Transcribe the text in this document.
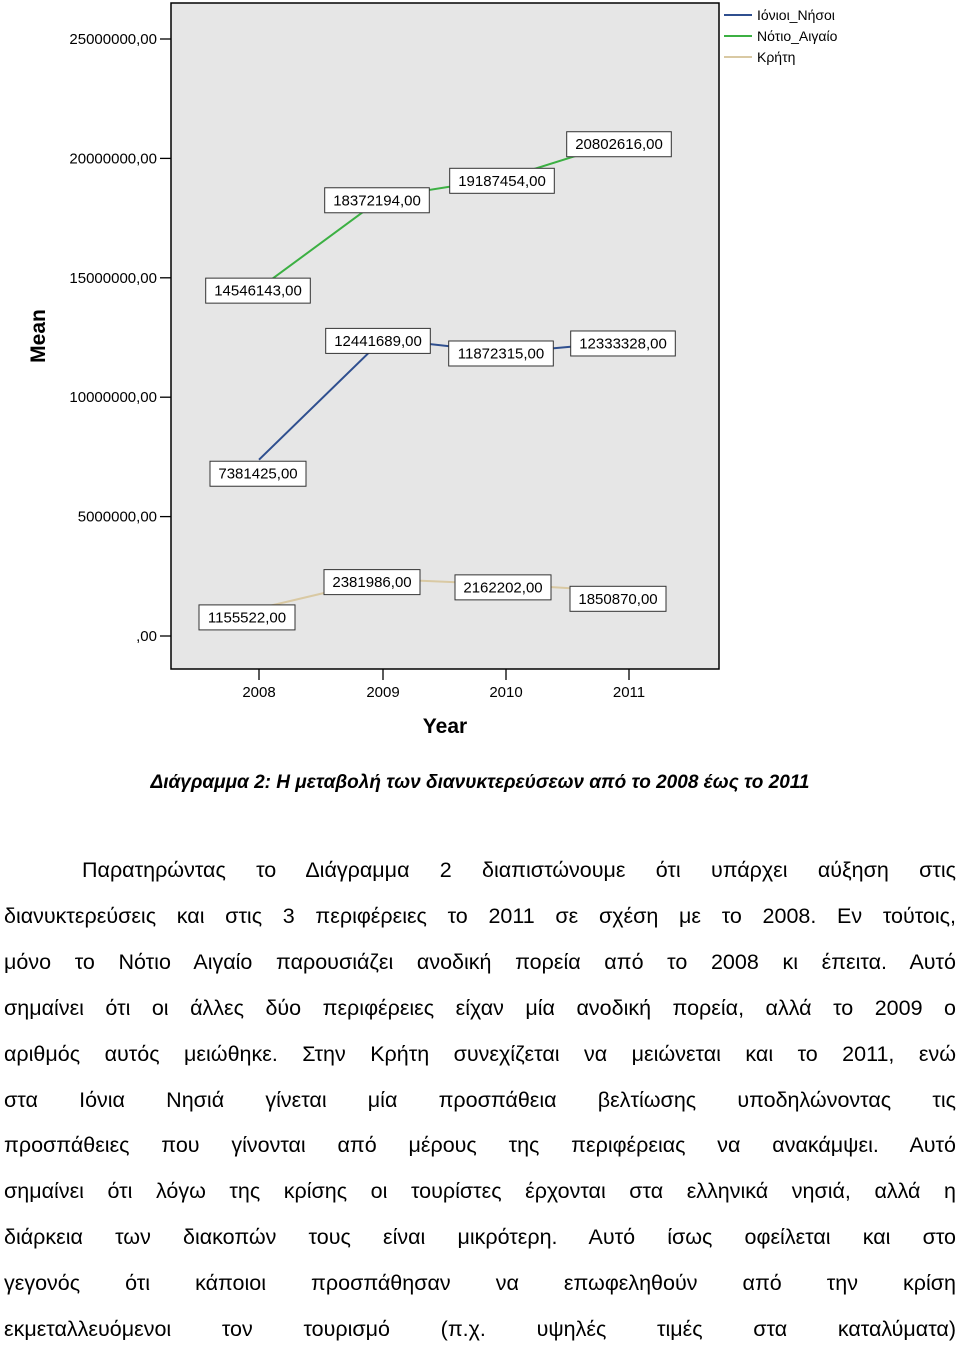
,00
5000000,00
10000000,00
15000000,00
20000000,00
25000000,00
2008	2009	2010	2011
Mean
Year
7381425,00
12441689,00
11872315,00
12333328,00
14546143,00
18372194,00
19187454,00
20802616,00
1155522,00
2381986,00	2162202,00
1850870,00
Ιόνιοι_Νήσοι
Νότιο_Αιγαίο
Κρήτη
Διάγραμμα 2: Η μεταβολή των διανυκτερεύσεων από το 2008 έως το 2011

Παρατηρώντας το Διάγραμμα 2 διαπιστώνουμε ότι υπάρχει αύξηση στις

διανυκτερεύσεις και στις 3 περιφέρειες το 2011 σε σχέση με το 2008. Εν τούτοις,

μόνο το Νότιο Αιγαίο παρουσιάζει ανοδική πορεία από το 2008 κι έπειτα. Αυτό

σημαίνει ότι οι άλλες δύο περιφέρειες είχαν μία ανοδική πορεία, αλλά το 2009 ο

αριθμός αυτός μειώθηκε. Στην Κρήτη συνεχίζεται να μειώνεται και το 2011, ενώ

στα Ιόνια Νησιά γίνεται μία προσπάθεια βελτίωσης υποδηλώνοντας τις

προσπάθειες που γίνονται από μέρους της περιφέρειας να ανακάμψει. Αυτό

σημαίνει ότι λόγω της κρίσης οι τουρίστες έρχονται στα ελληνικά νησιά, αλλά η

διάρκεια των διακοπών τους είναι μικρότερη. Αυτό ίσως οφείλεται και στο

γεγονός ότι κάποιοι προσπάθησαν να επωφεληθούν από την κρίση

εκμεταλλευόμενοι τον τουρισμό (π.χ. υψηλές τιμές στα καταλύματα)
